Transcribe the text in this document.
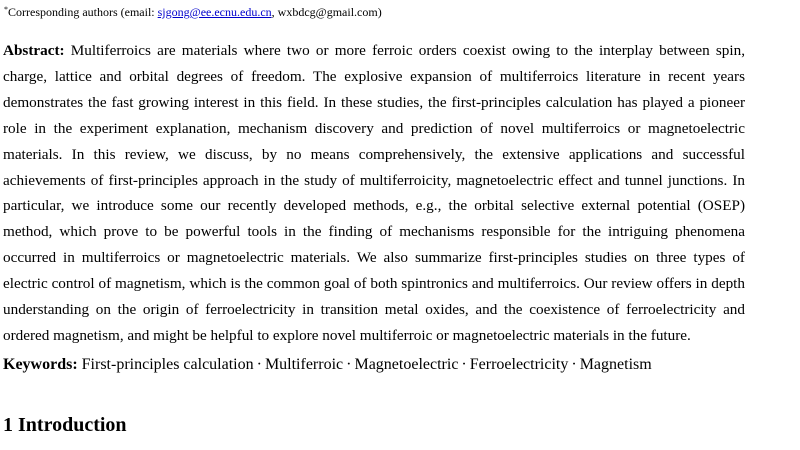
*Corresponding authors (email: sjgong@ee.ecnu.edu.cn, wxbdcg@gmail.com)

Abstract: Multiferroics are materials where two or more ferroic orders coexist owing to the interplay between spin, charge, lattice and orbital degrees of freedom. The explosive expansion of multiferroics literature in recent years demonstrates the fast growing interest in this field. In these studies, the first-principles calculation has played a pioneer role in the experiment explanation, mechanism discovery and prediction of novel multiferroics or magnetoelectric materials. In this review, we discuss, by no means comprehensively, the extensive applications and successful achievements of first-principles approach in the study of multiferroicity, magnetoelectric effect and tunnel junctions. In particular, we introduce some our recently developed methods, e.g., the orbital selective external potential (OSEP) method, which prove to be powerful tools in the finding of mechanisms responsible for the intriguing phenomena occurred in multiferroics or magnetoelectric materials. We also summarize first-principles studies on three types of electric control of magnetism, which is the common goal of both spintronics and multiferroics. Our review offers in depth understanding on the origin of ferroelectricity in transition metal oxides, and the coexistence of ferroelectricity and ordered magnetism, and might be helpful to explore novel multiferroic or magnetoelectric materials in the future.

Keywords: First-principles calculation · Multiferroic · Magnetoelectric · Ferroelectricity · Magnetism

1 Introduction
